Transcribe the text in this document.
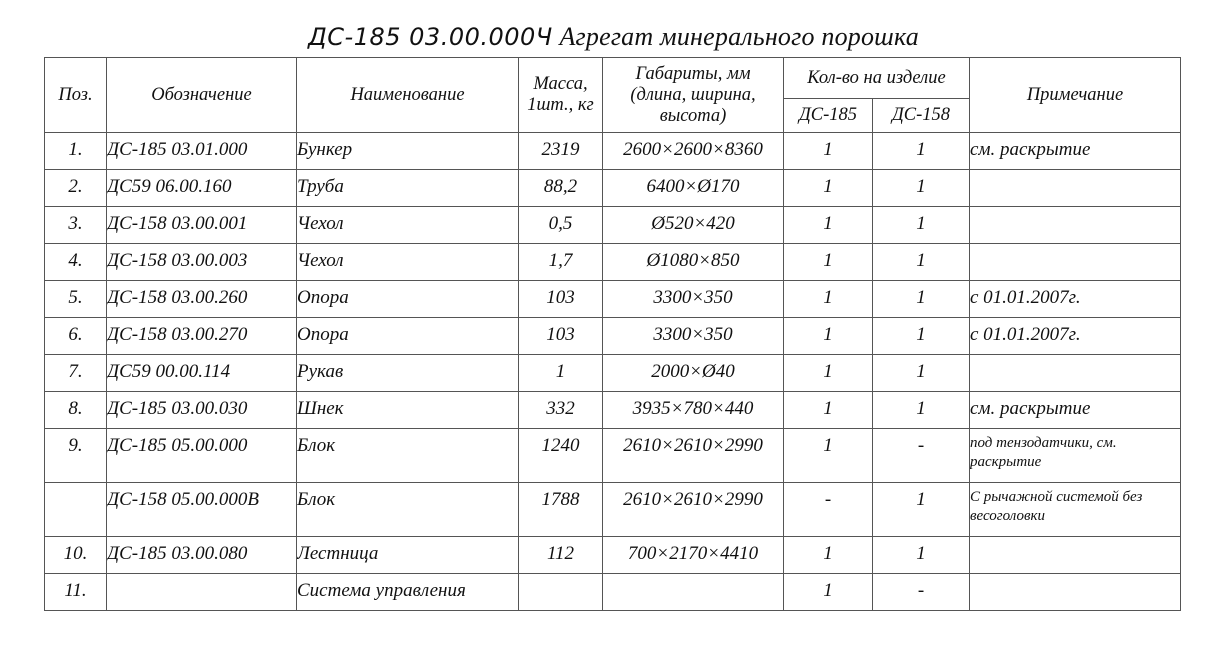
ДС-185 03.00.000Ч Агрегат минерального порошка
Поз.	Обозначение	Наименование	Масса, 1шт., кг	Габариты, мм (длина, ширина, высота)	Кол-во на изделие		Примечание
					ДС-185	ДС-158	
1.	ДС-185 03.01.000	Бункер	2319	2600×2600×8360	1	1	см. раскрытие
2.	ДС59 06.00.160	Труба	88,2	6400×Ø170	1	1	
3.	ДС-158 03.00.001	Чехол	0,5	Ø520×420	1	1	
4.	ДС-158 03.00.003	Чехол	1,7	Ø1080×850	1	1	
5.	ДС-158 03.00.260	Опора	103	3300×350	1	1	с 01.01.2007г.
6.	ДС-158 03.00.270	Опора	103	3300×350	1	1	с 01.01.2007г.
7.	ДС59 00.00.114	Рукав	1	2000×Ø40	1	1	
8.	ДС-185 03.00.030	Шнек	332	3935×780×440	1	1	см. раскрытие
9.	ДС-185 05.00.000	Блок	1240	2610×2610×2990	1	-	под тензодатчики, см. раскрытие
	ДС-158 05.00.000В	Блок	1788	2610×2610×2990	-	1	С рычажной системой без весоголовки
10.	ДС-185 03.00.080	Лестница	112	700×2170×4410	1	1	
11.		Система управления			1	-	
